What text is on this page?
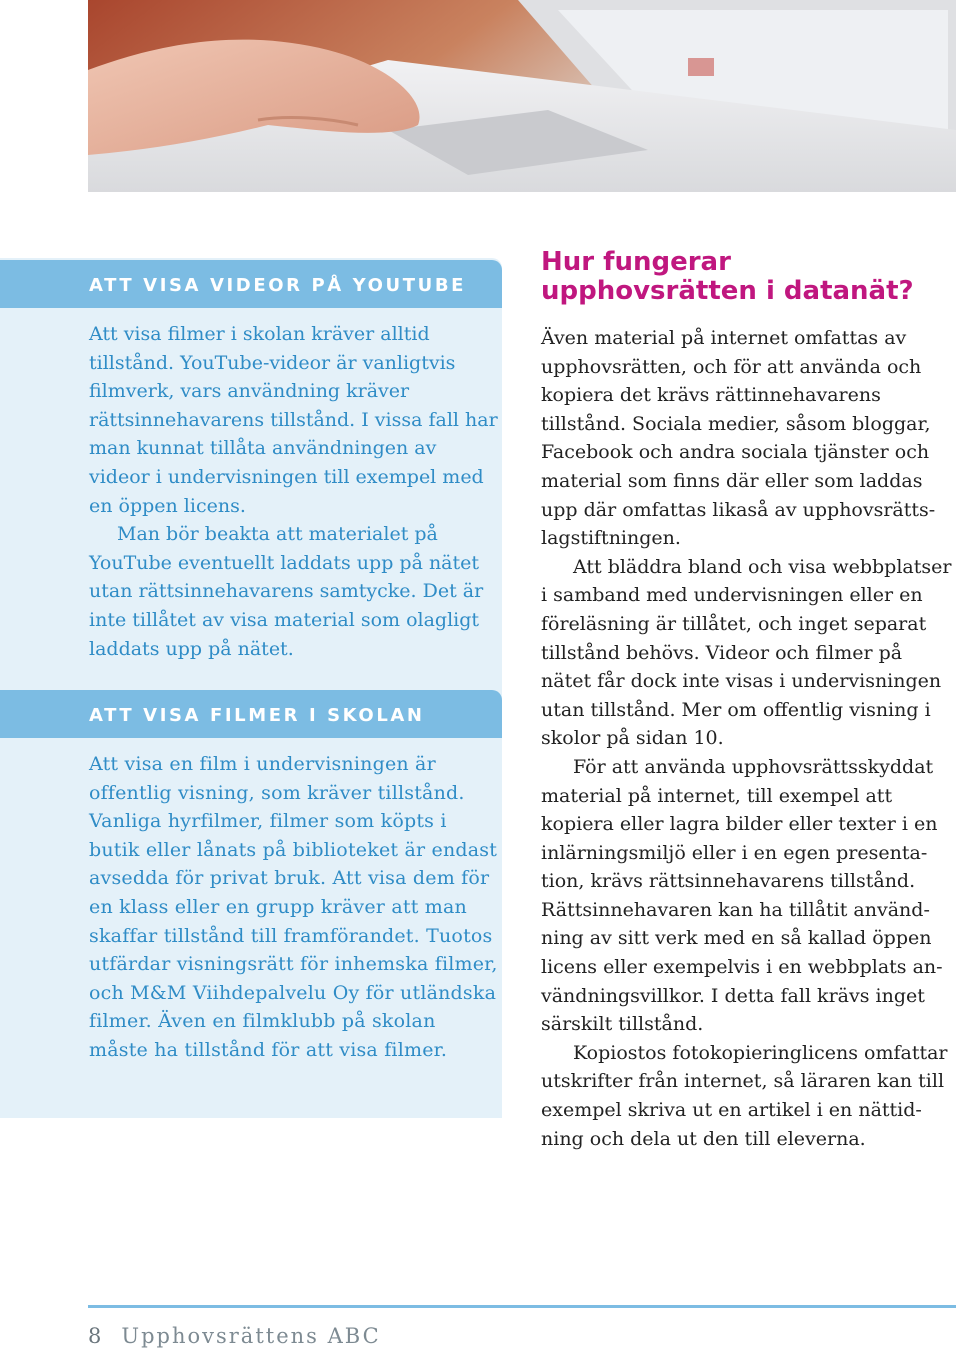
ATT VISA VIDEOR PÅ YOUTUBE

Att visa filmer i skolan kräver alltid tillstånd. YouTube-videor är vanligtvis filmverk, vars användning kräver rättsinnehavarens tillstånd. I vissa fall har man kunnat tillåta användningen av videor i undervisningen till exempel med en öppen licens.

Man bör beakta att materialet på YouTube eventuellt laddats upp på nätet utan rättsinnehavarens samtycke. Det är inte tillåtet av visa material som olagligt laddats upp på nätet.

ATT VISA FILMER I SKOLAN

Att visa en film i undervisningen är offentlig visning, som kräver tillstånd. Vanliga hyrfilmer, filmer som köpts i butik eller lånats på biblioteket är endast avsedda för privat bruk. Att visa dem för en klass eller en grupp kräver att man skaffar tillstånd till framförandet. Tuotos utfärdar visningsrätt för inhemska filmer, och M&M Viihdepalvelu Oy för utländska filmer. Även en filmklubb på skolan måste ha tillstånd för att visa filmer.

Hur fungerar upphovsrätten i datanät?

Även material på internet omfattas av upphovsrätten, och för att använda och kopiera det krävs rättinnehavarens tillstånd. Sociala medier, såsom bloggar, Facebook och andra sociala tjänster och material som finns där eller som laddas upp där omfattas likaså av upphovsrättslagstiftningen.

Att bläddra bland och visa webbplatser i samband med undervisningen eller en föreläsning är tillåtet, och inget separat tillstånd behövs. Videor och filmer på nätet får dock inte visas i undervisningen utan tillstånd. Mer om offentlig visning i skolor på sidan 10.

För att använda upphovsrättsskyddat material på internet, till exempel att kopiera eller lagra bilder eller texter i en inlärningsmiljö eller i en egen presentation, krävs rättsinnehavarens tillstånd. Rättsinnehavaren kan ha tillåtit användning av sitt verk med en så kallad öppen licens eller exempelvis i en webbplats användningsvillkor. I detta fall krävs inget särskilt tillstånd.

Kopiostos fotokopieringlicens omfattar utskrifter från internet, så läraren kan till exempel skriva ut en artikel i en nättidning och dela ut den till eleverna.

8 Upphovsrättens ABC
